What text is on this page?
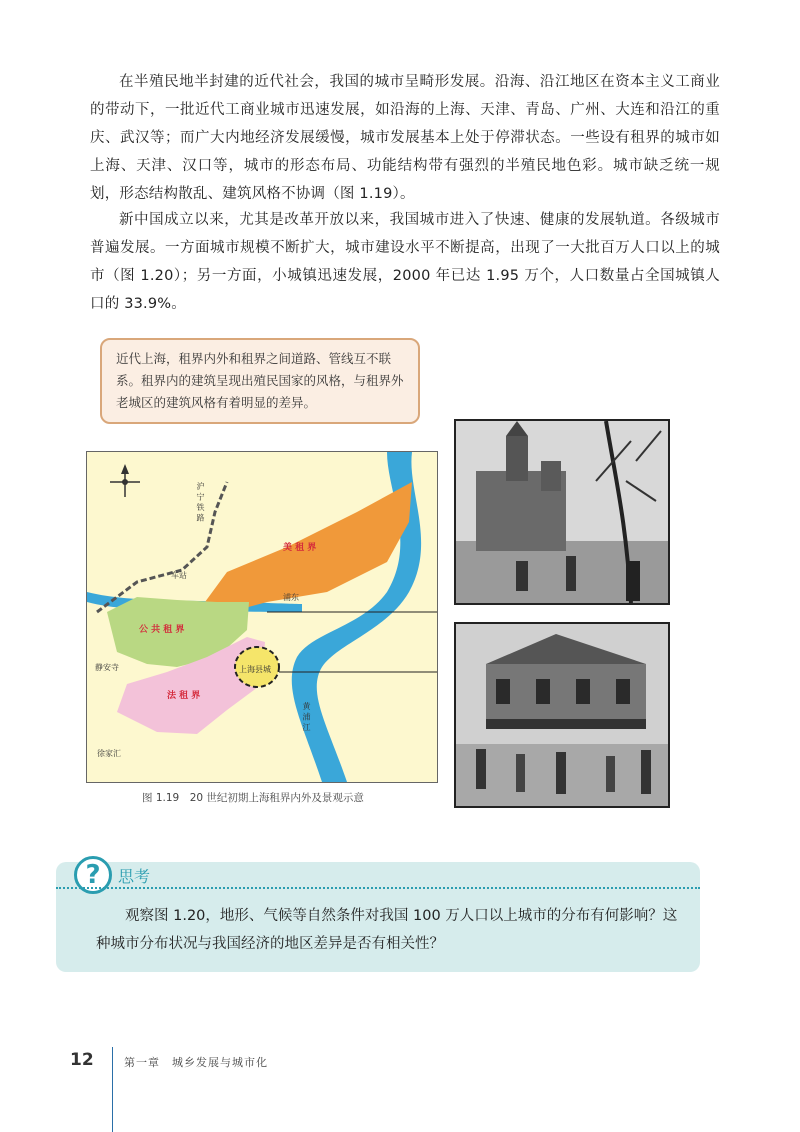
在半殖民地半封建的近代社会，我国的城市呈畸形发展。沿海、沿江地区在资本主义工商业的带动下，一批近代工商业城市迅速发展，如沿海的上海、天津、青岛、广州、大连和沿江的重庆、武汉等；而广大内地经济发展缓慢，城市发展基本上处于停滞状态。一些设有租界的城市如上海、天津、汉口等，城市的形态布局、功能结构带有强烈的半殖民地色彩。城市缺乏统一规划，形态结构散乱、建筑风格不协调（图 1.19）。
新中国成立以来，尤其是改革开放以来，我国城市进入了快速、健康的发展轨道。各级城市普遍发展。一方面城市规模不断扩大，城市建设水平不断提高，出现了一大批百万人口以上的城市（图 1.20）；另一方面，小城镇迅速发展，2000 年已达 1.95 万个，人口数量占全国城镇人口的 33.9%。
近代上海，租界内外和租界之间道路、管线互不联系。租界内的建筑呈现出殖民国家的风格，与租界外老城区的建筑风格有着明显的差异。
沪 宁 铁 路
美 租 界
车站
浦东
公 共 租 界
静安寺	上海县城
法 租 界
徐家汇
黄 浦 江
图 1.19　20 世纪初期上海租界内外及景观示意
?	思考
观察图 1.20，地形、气候等自然条件对我国 100 万人口以上城市的分布有何影响？这种城市分布状况与我国经济的地区差异是否有相关性？
12	第一章　城乡发展与城市化
